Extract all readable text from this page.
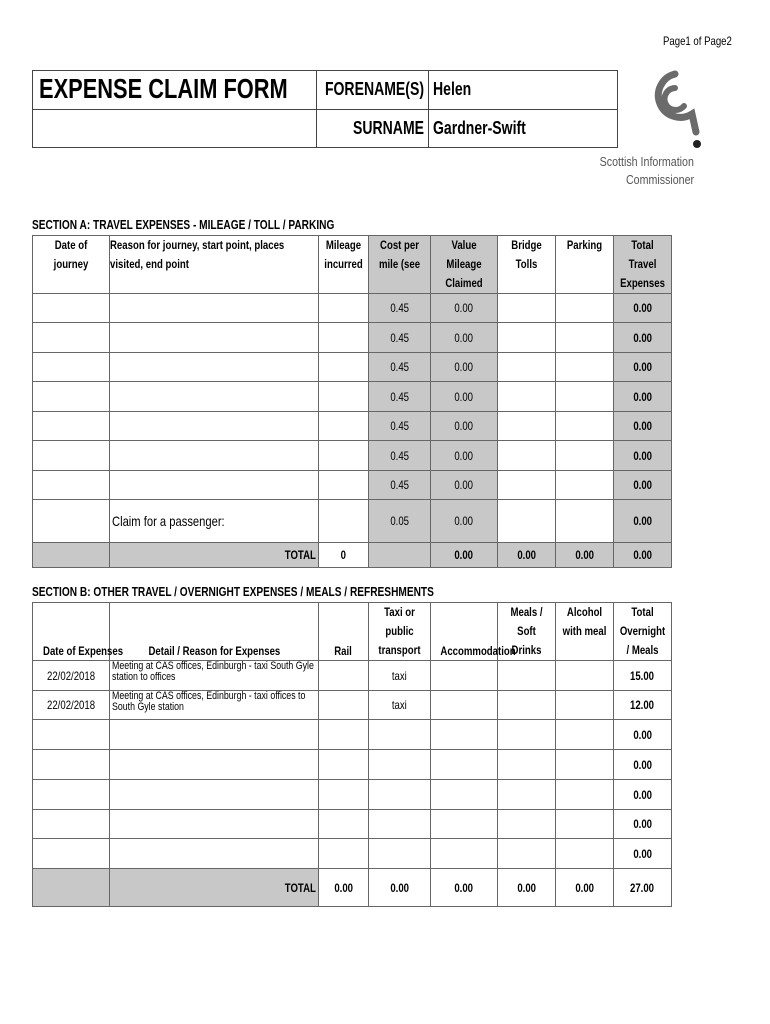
Page1 of Page2
EXPENSE CLAIM FORM FORENAME(S) Helen
SURNAME Gardner-Swift
Scottish Information
Commissioner
SECTION A: TRAVEL EXPENSES - MILEAGE / TOLL / PARKING
Date of journey	Reason for journey, start point, places visited, end point	Mileage incurred	Cost per mile (see	Value Mileage Claimed	Bridge Tolls	Parking	Total Travel Expenses

			0.45	0.00			0.00
			0.45	0.00			0.00
			0.45	0.00			0.00
			0.45	0.00			0.00
			0.45	0.00			0.00
			0.45	0.00			0.00
			0.45	0.00			0.00
	Claim for a passenger:		0.05	0.00			0.00
	TOTAL	0		0.00	0.00	0.00	0.00
SECTION B: OTHER TRAVEL / OVERNIGHT EXPENSES / MEALS / REFRESHMENTS
Date of Expenses	Detail / Reason for Expenses	Rail	Taxi or public transport	Accommodation	Meals / Soft Drinks	Alcohol with meal	Total Overnight / Meals

22/02/2018	Meeting at CAS offices, Edinburgh - taxi South Gyle station to offices		taxi				15.00
22/02/2018	Meeting at CAS offices, Edinburgh - taxi offices to South Gyle station		taxi				12.00
							0.00
							0.00
							0.00
							0.00
							0.00
	TOTAL	0.00	0.00	0.00	0.00	0.00	27.00
